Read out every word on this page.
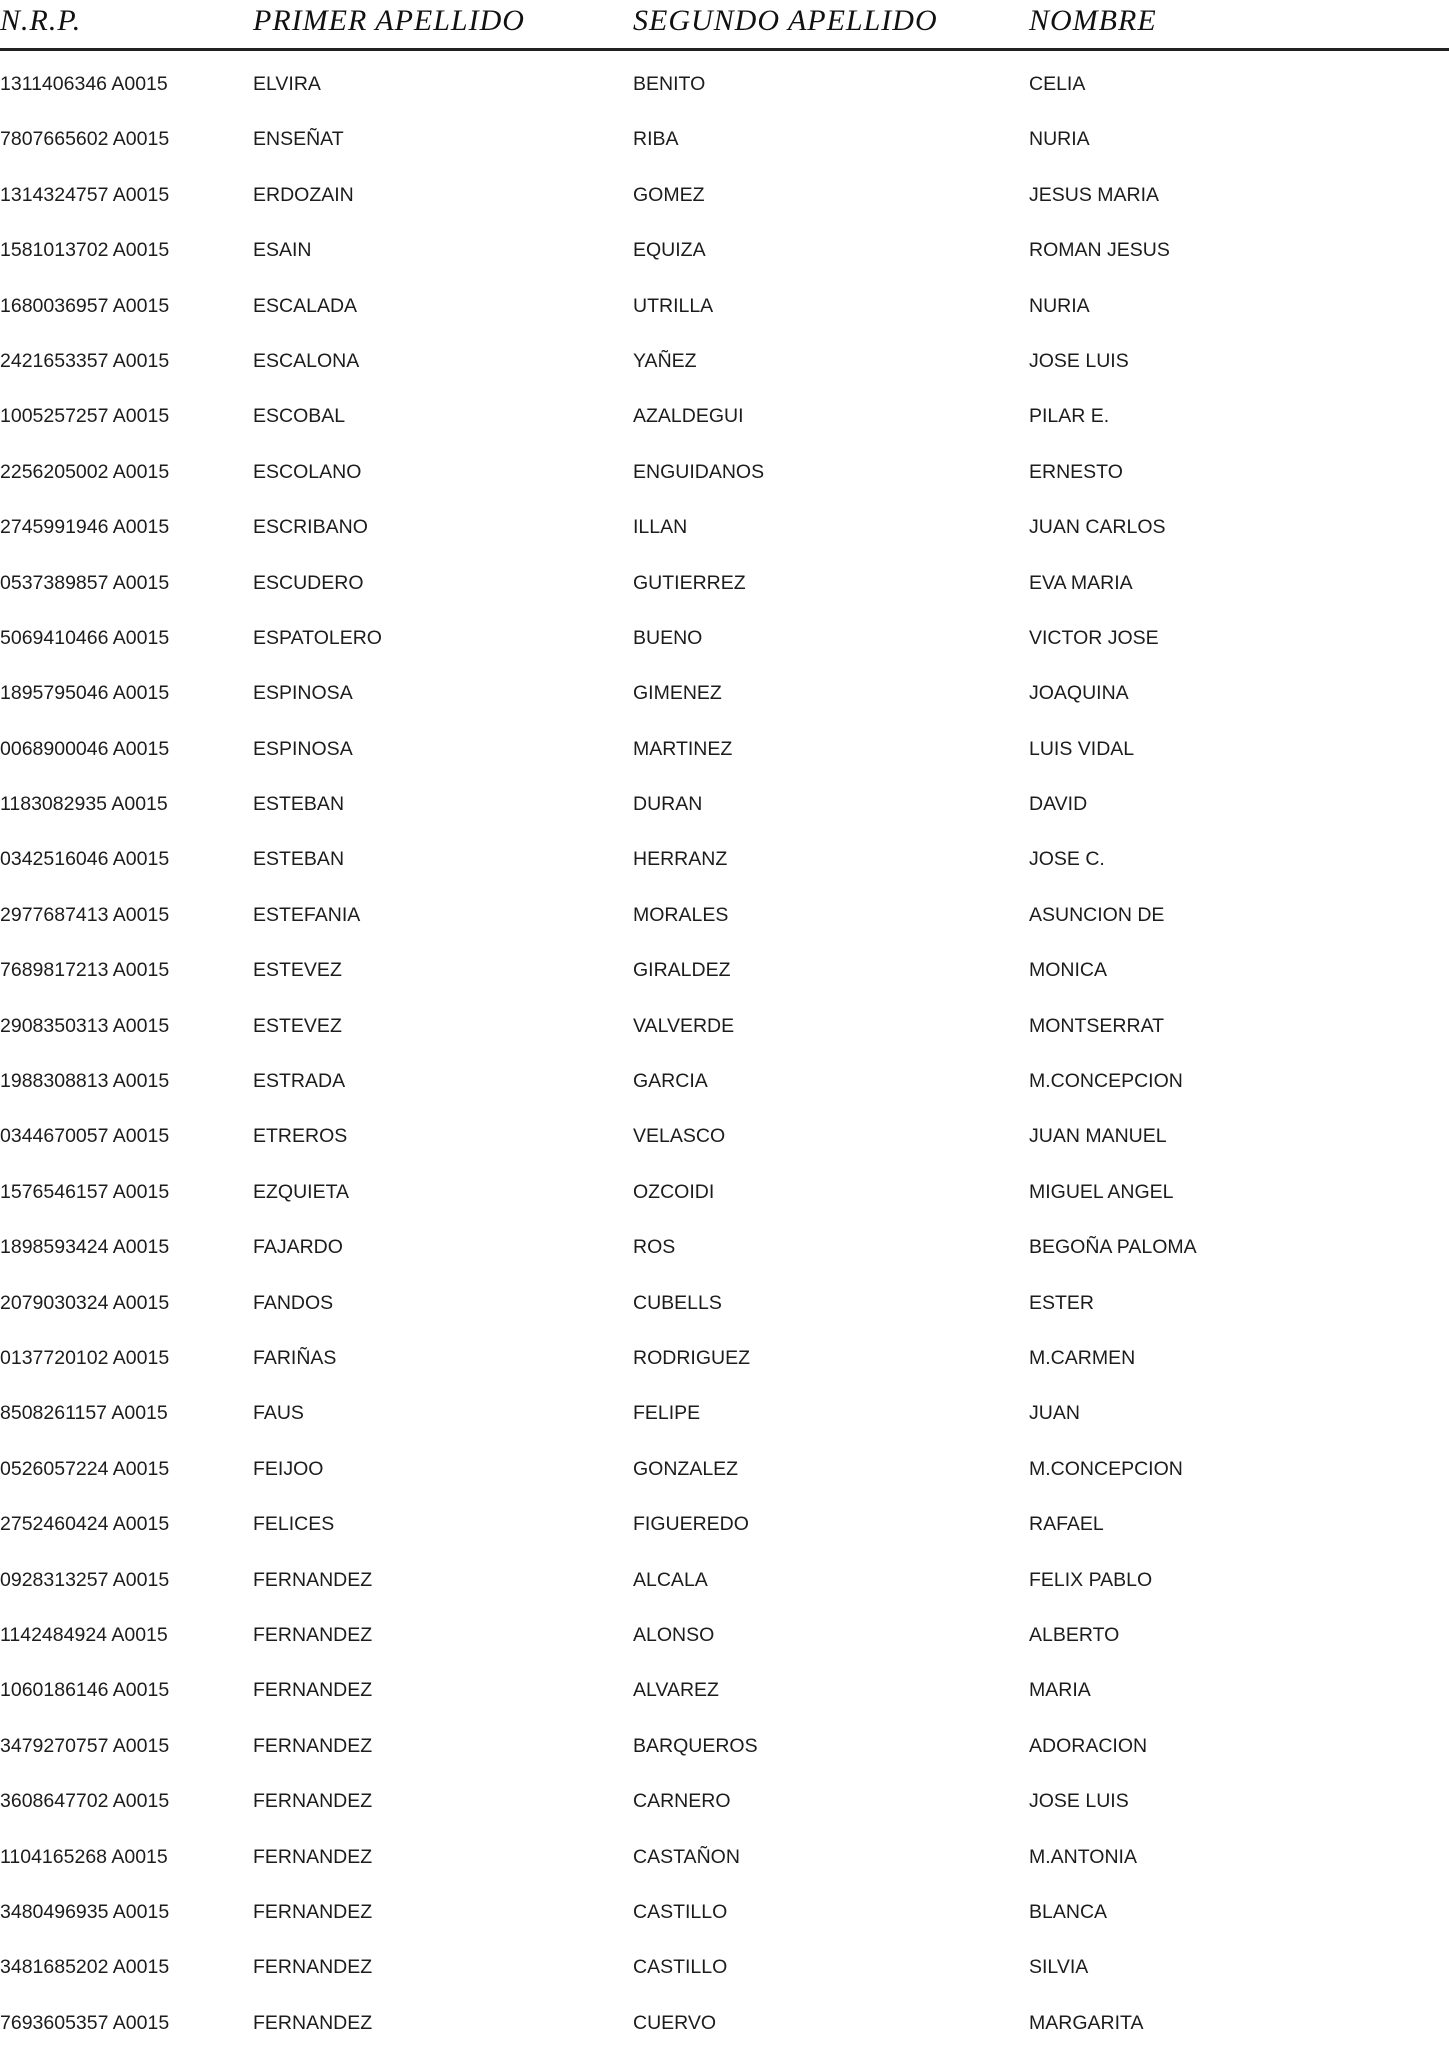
N.R.P.	PRIMER APELLIDO	SEGUNDO APELLIDO	NOMBRE
1311406346 A0015	ELVIRA	BENITO	CELIA
7807665602 A0015	ENSEÑAT	RIBA	NURIA
1314324757 A0015	ERDOZAIN	GOMEZ	JESUS MARIA
1581013702 A0015	ESAIN	EQUIZA	ROMAN JESUS
1680036957 A0015	ESCALADA	UTRILLA	NURIA
2421653357 A0015	ESCALONA	YAÑEZ	JOSE LUIS
1005257257 A0015	ESCOBAL	AZALDEGUI	PILAR E.
2256205002 A0015	ESCOLANO	ENGUIDANOS	ERNESTO
2745991946 A0015	ESCRIBANO	ILLAN	JUAN CARLOS
0537389857 A0015	ESCUDERO	GUTIERREZ	EVA MARIA
5069410466 A0015	ESPATOLERO	BUENO	VICTOR JOSE
1895795046 A0015	ESPINOSA	GIMENEZ	JOAQUINA
0068900046 A0015	ESPINOSA	MARTINEZ	LUIS VIDAL
1183082935 A0015	ESTEBAN	DURAN	DAVID
0342516046 A0015	ESTEBAN	HERRANZ	JOSE C.
2977687413 A0015	ESTEFANIA	MORALES	ASUNCION DE
7689817213 A0015	ESTEVEZ	GIRALDEZ	MONICA
2908350313 A0015	ESTEVEZ	VALVERDE	MONTSERRAT
1988308813 A0015	ESTRADA	GARCIA	M.CONCEPCION
0344670057 A0015	ETREROS	VELASCO	JUAN MANUEL
1576546157 A0015	EZQUIETA	OZCOIDI	MIGUEL ANGEL
1898593424 A0015	FAJARDO	ROS	BEGOÑA PALOMA
2079030324 A0015	FANDOS	CUBELLS	ESTER
0137720102 A0015	FARIÑAS	RODRIGUEZ	M.CARMEN
8508261157 A0015	FAUS	FELIPE	JUAN
0526057224 A0015	FEIJOO	GONZALEZ	M.CONCEPCION
2752460424 A0015	FELICES	FIGUEREDO	RAFAEL
0928313257 A0015	FERNANDEZ	ALCALA	FELIX PABLO
1142484924 A0015	FERNANDEZ	ALONSO	ALBERTO
1060186146 A0015	FERNANDEZ	ALVAREZ	MARIA
3479270757 A0015	FERNANDEZ	BARQUEROS	ADORACION
3608647702 A0015	FERNANDEZ	CARNERO	JOSE LUIS
1104165268 A0015	FERNANDEZ	CASTAÑON	M.ANTONIA
3480496935 A0015	FERNANDEZ	CASTILLO	BLANCA
3481685202 A0015	FERNANDEZ	CASTILLO	SILVIA
7693605357 A0015	FERNANDEZ	CUERVO	MARGARITA
